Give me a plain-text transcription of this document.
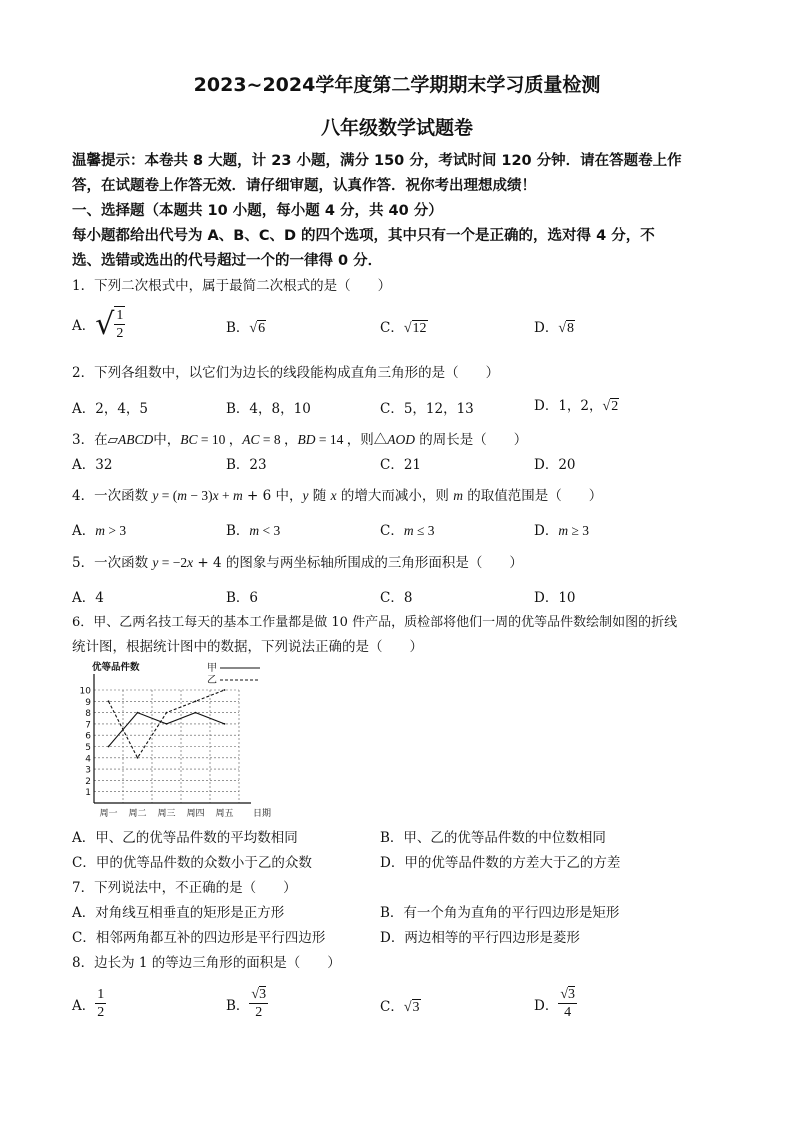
2023~2024学年度第二学期期末学习质量检测
八年级数学试题卷
温馨提示：本卷共 8 大题，计 23 小题，满分 150 分，考试时间 120 分钟．请在答题卷上作
答，在试题卷上作答无效．请仔细审题，认真作答．祝你考出理想成绩！
一、选择题（本题共 10 小题，每小题 4 分，共 40 分）
每小题都给出代号为 A、B、C、D 的四个选项，其中只有一个是正确的，选对得 4 分，不
选、选错或选出的代号超过一个的一律得 0 分．
1．下列二次根式中，属于最简二次根式的是（　　）
A． √ $\frac{1}{2}$	B．√6	C．√12	D．√8
2．下列各组数中，以它们为边长的线段能构成直角三角形的是（　　）
A．2，4，5	B．4，8，10	C．5，12，13	D．1，2，√2
3．在▱ABCD中，BC = 10 ，AC = 8 ，BD = 14 ，则△AOD 的周长是（　　）
A．32	B．23	C．21	D．20
4．一次函数 y = (m − 3)x + m + 6 中，y 随 x 的增大而减小，则 m 的取值范围是（　　）
A．m > 3	B．m < 3	C．m ≤ 3	D．m ≥ 3
5．一次函数 y = −2x + 4 的图象与两坐标轴所围成的三角形面积是（　　）
A．4	B．6	C．8	D．10
6．甲、乙两名技工每天的基本工作量都是做 10 件产品，质检部将他们一周的优等品件数绘制如图的折线
统计图，根据统计图中的数据，下列说法正确的是（　　）
1
2
3
4
5
6
7
8
9
10
周一 周二 周三 周四 周五
优等品件数
日期
甲
乙
A．甲、乙的优等品件数的平均数相同	B．甲、乙的优等品件数的中位数相同
C．甲的优等品件数的众数小于乙的众数	D．甲的优等品件数的方差大于乙的方差
7．下列说法中，不正确的是（　　）
A．对角线互相垂直的矩形是正方形	B．有一个角为直角的平行四边形是矩形
C．相邻两角都互补的四边形是平行四边形	D．两边相等的平行四边形是菱形
8．边长为 1 的等边三角形的面积是（　　）
A． $\frac{1}{2}$	B． $\frac{√3}{2}$	C．√3	D． $\frac{√3}{4}$
